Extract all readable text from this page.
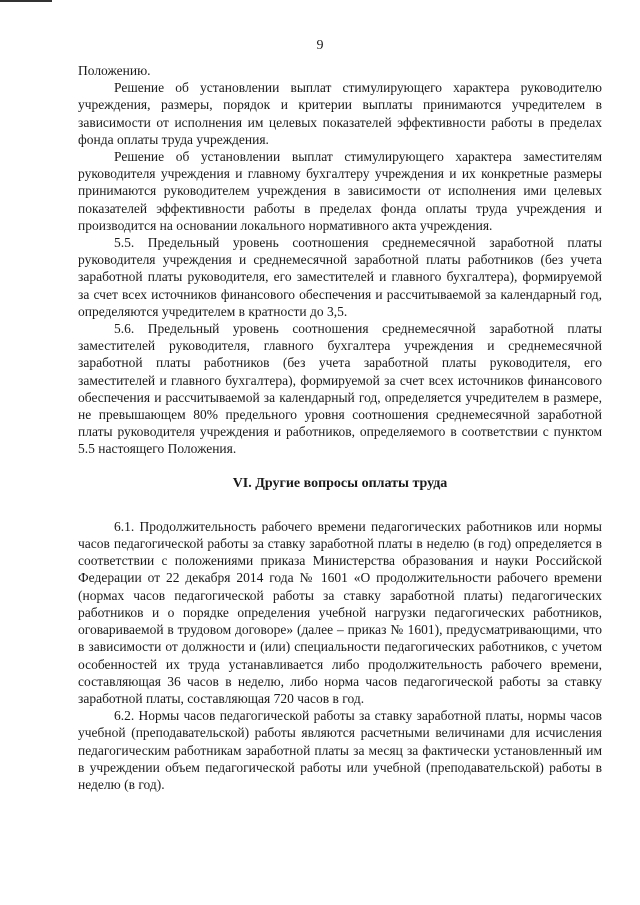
9

Положению.

Решение об установлении выплат стимулирующего характера руководителю учреждения, размеры, порядок и критерии выплаты принимаются учредителем в зависимости от исполнения им целевых показателей эффективности работы в пределах фонда оплаты труда учреждения.

Решение об установлении выплат стимулирующего характера заместителям руководителя учреждения и главному бухгалтеру учреждения и их конкретные размеры принимаются руководителем учреждения в зависимости от исполнения ими целевых показателей эффективности работы в пределах фонда оплаты труда учреждения и производится на основании локального нормативного акта учреждения.

5.5. Предельный уровень соотношения среднемесячной заработной платы руководителя учреждения и среднемесячной заработной платы работников (без учета заработной платы руководителя, его заместителей и главного бухгалтера), формируемой за счет всех источников финансового обеспечения и рассчитываемой за календарный год, определяются учредителем в кратности до 3,5.

5.6. Предельный уровень соотношения среднемесячной заработной платы заместителей руководителя, главного бухгалтера учреждения и среднемесячной заработной платы работников (без учета заработной платы руководителя, его заместителей и главного бухгалтера), формируемой за счет всех источников финансового обеспечения и рассчитываемой за календарный год, определяется учредителем в размере, не превышающем 80% предельного уровня соотношения среднемесячной заработной платы руководителя учреждения и работников, определяемого в соответствии с пунктом 5.5 настоящего Положения.

VI. Другие вопросы оплаты труда

6.1. Продолжительность рабочего времени педагогических работников или нормы часов педагогической работы за ставку заработной платы в неделю (в год) определяется в соответствии с положениями приказа Министерства образования и науки Российской Федерации от 22 декабря 2014 года № 1601 «О продолжительности рабочего времени (нормах часов педагогической работы за ставку заработной платы) педагогических работников и о порядке определения учебной нагрузки педагогических работников, оговариваемой в трудовом договоре» (далее – приказ № 1601), предусматривающими, что в зависимости от должности и (или) специальности педагогических работников, с учетом особенностей их труда устанавливается либо продолжительность рабочего времени, составляющая 36 часов в неделю, либо норма часов педагогической работы за ставку заработной платы, составляющая 720 часов в год.

6.2. Нормы часов педагогической работы за ставку заработной платы, нормы часов учебной (преподавательской) работы являются расчетными величинами для исчисления педагогическим работникам заработной платы за месяц за фактически установленный им в учреждении объем педагогической работы или учебной (преподавательской) работы в неделю (в год).
